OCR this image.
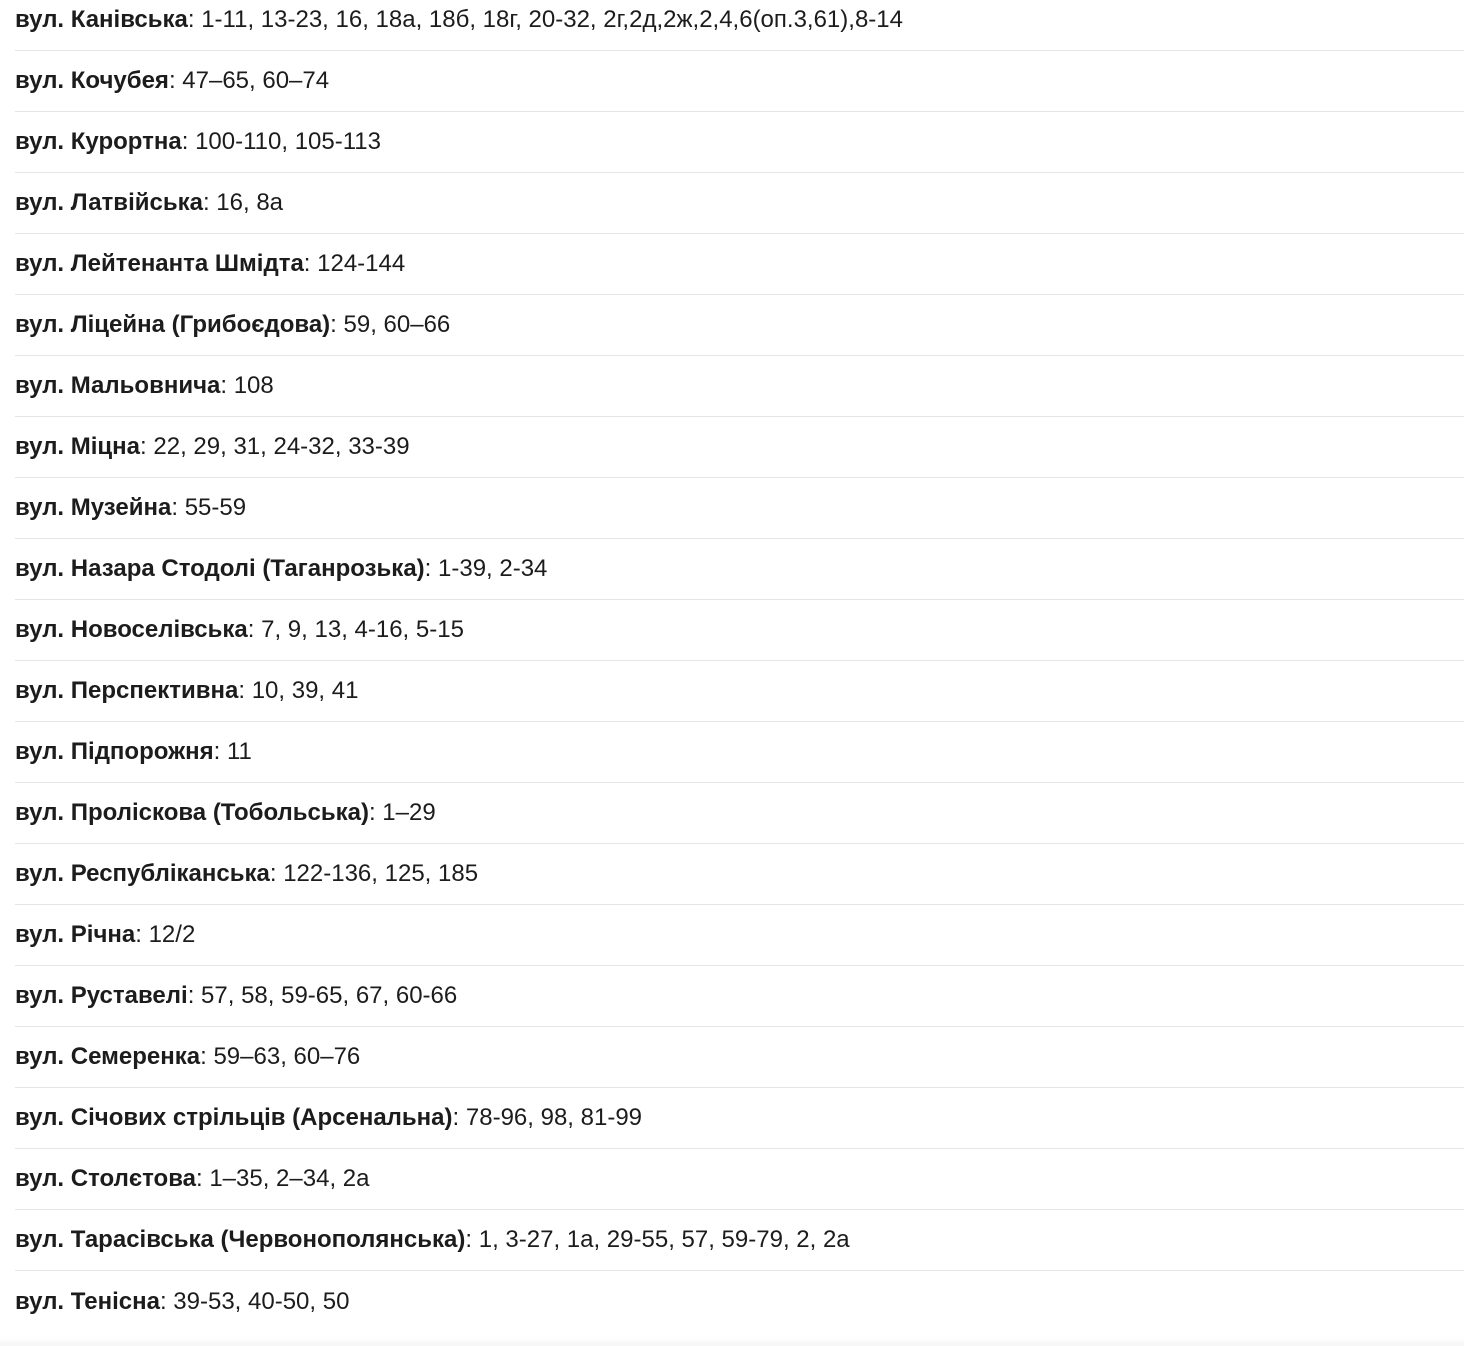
вул. Канівська : 1-11, 13-23, 16, 18а, 18б, 18г, 20-32, 2г,2д,2ж,2,4,6(оп.3,61),8-14
вул. Кочубея : 47–65, 60–74
вул. Курортна : 100-110, 105-113
вул. Латвійська : 16, 8а
вул. Лейтенанта Шмідта : 124-144
вул. Ліцейна (Грибоєдова) : 59, 60–66
вул. Мальовнича : 108
вул. Міцна : 22, 29, 31, 24-32, 33-39
вул. Музейна : 55-59
вул. Назара Стодолі (Таганрозька) : 1-39, 2-34
вул. Новоселівська : 7, 9, 13, 4-16, 5-15
вул. Перспективна : 10, 39, 41
вул. Підпорожня : 11
вул. Пролiскова (Тобольська) : 1–29
вул. Республіканська : 122-136, 125, 185
вул. Річна : 12/2
вул. Руставелі : 57, 58, 59-65, 67, 60-66
вул. Семеренка : 59–63, 60–76
вул. Січових стрільців (Арсенальна) : 78-96, 98, 81-99
вул. Столєтова : 1–35, 2–34, 2а
вул. Тарасівська (Червонополянська) : 1, 3-27, 1а, 29-55, 57, 59-79, 2, 2а
вул. Тенісна : 39-53, 40-50, 50
